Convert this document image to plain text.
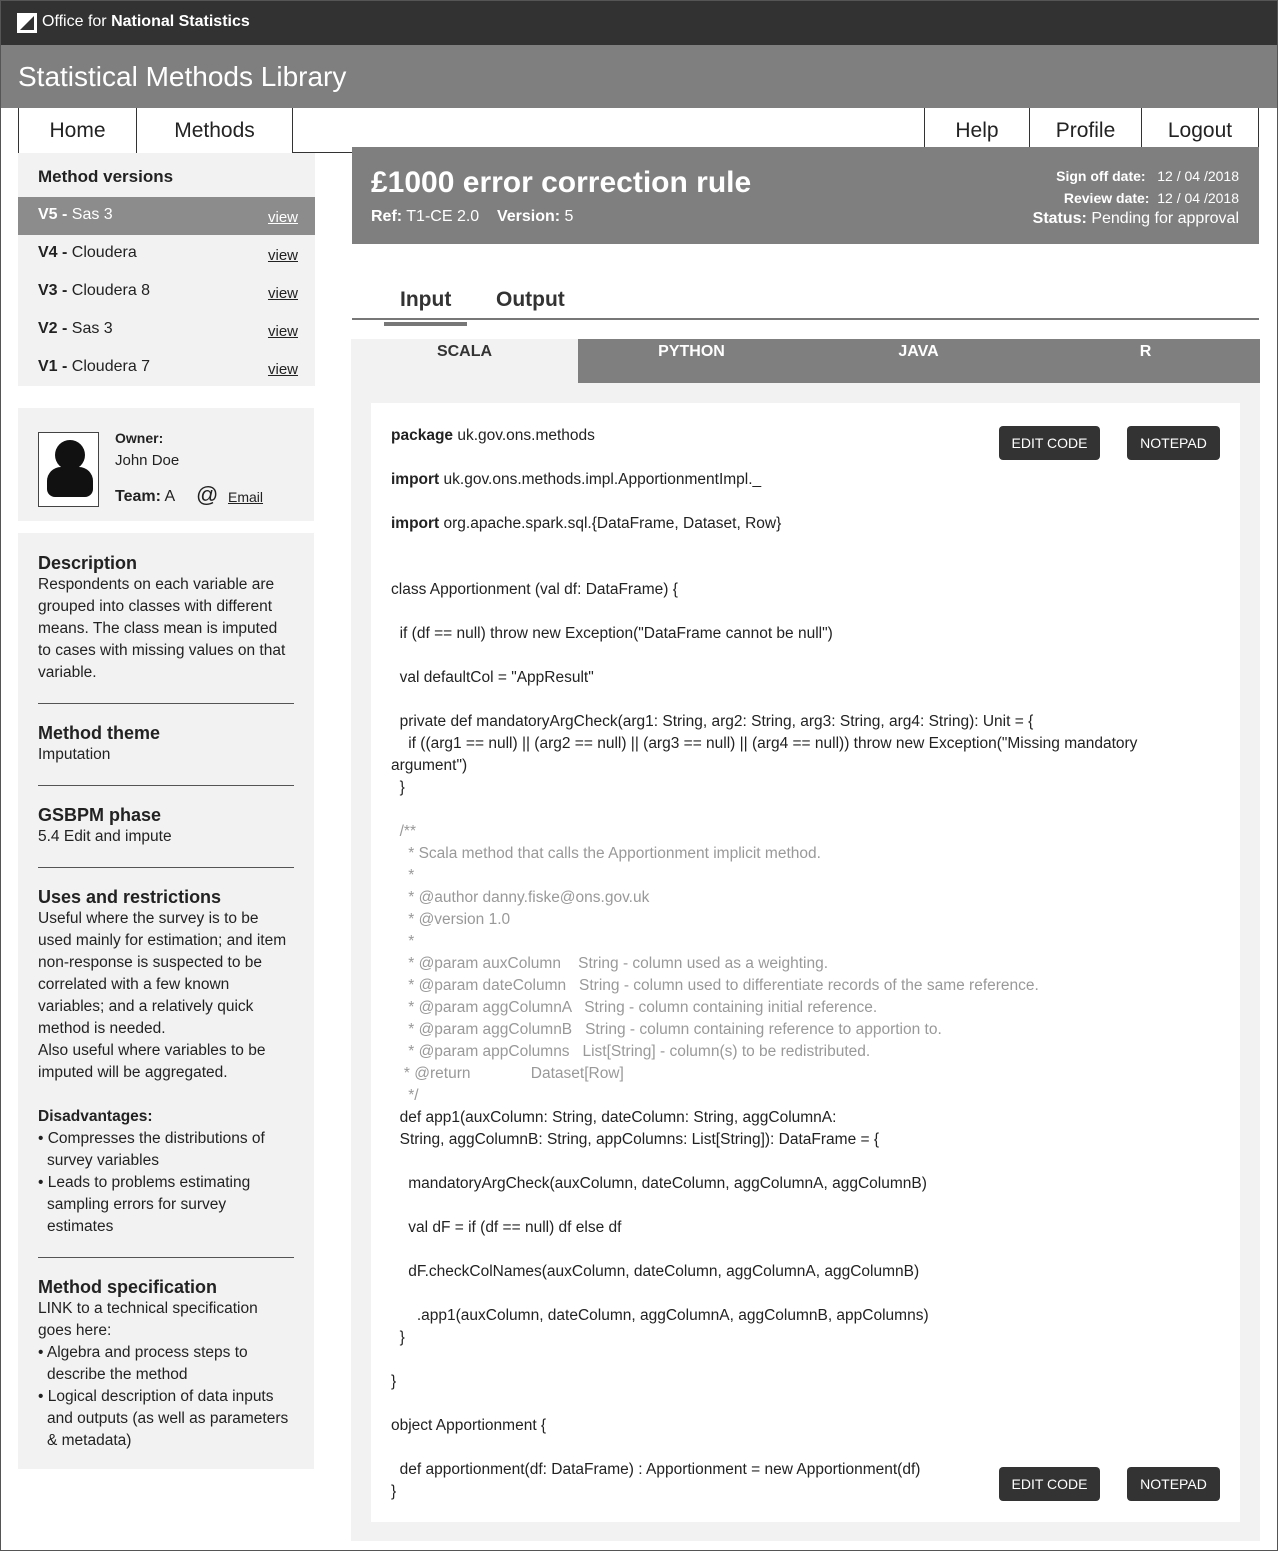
Office for National Statistics
Statistical Methods Library
Home	Methods	Help	Profile	Logout
Method versions
V5 - Sas 3	view
V4 - Cloudera	view
V3 - Cloudera 8	view
V2 - Sas 3	view
V1 - Cloudera 7	view
Owner:
John Doe
Team: A @ Email
Description
Respondents on each variable are grouped into classes with different means. The class mean is imputed to cases with missing values on that variable.
Method theme
Imputation
GSBPM phase
5.4 Edit and impute
Uses and restrictions
Useful where the survey is to be used mainly for estimation; and item non-response is suspected to be correlated with a few known variables; and a relatively quick method is needed.
Also useful where variables to be imputed will be aggregated.
Disadvantages:
• Compresses the distributions of survey variables
• Leads to problems estimating sampling errors for survey estimates
Method specification
LINK to a technical specification goes here:
• Algebra and process steps to describe the method
• Logical description of data inputs and outputs (as well as parameters & metadata)
£1000 error correction rule
Ref: T1-CE 2.0 Version: 5
Sign off date: 12 / 04 /2018
Review date: 12 / 04 /2018
Status: Pending for approval
Input Output
SCALA	PYTHON	JAVA	R
package uk.gov.ons.methods

import uk.gov.ons.methods.impl.ApportionmentImpl._

import org.apache.spark.sql.{DataFrame, Dataset, Row}

class Apportionment (val df: DataFrame) {

if (df == null) throw new Exception("DataFrame cannot be null")

val defaultCol = "AppResult"

private def mandatoryArgCheck(arg1: String, arg2: String, arg3: String, arg4: String): Unit = {
if ((arg1 == null) || (arg2 == null) || (arg3 == null) || (arg4 == null)) throw new Exception("Missing mandatory
argument")
}

/**
* Scala method that calls the Apportionment implicit method.
*
* @author danny.fiske@ons.gov.uk
* @version 1.0
*
* @param auxColumn    String - column used as a weighting.
* @param dateColumn   String - column used to differentiate records of the same reference.
* @param aggColumnA   String - column containing initial reference.
* @param aggColumnB   String - column containing reference to apportion to.
* @param appColumns   List[String] - column(s) to be redistributed.
* @return              Dataset[Row]
*/
def app1(auxColumn: String, dateColumn: String, aggColumnA:
String, aggColumnB: String, appColumns: List[String]): DataFrame = {

mandatoryArgCheck(auxColumn, dateColumn, aggColumnA, aggColumnB)

val dF = if (df == null) df else df

dF.checkColNames(auxColumn, dateColumn, aggColumnA, aggColumnB)

.app1(auxColumn, dateColumn, aggColumnA, aggColumnB, appColumns)
}

}

object Apportionment {

def apportionment(df: DataFrame) : Apportionment = new Apportionment(df)
}
EDIT CODE	NOTEPAD
EDIT CODE	NOTEPAD
